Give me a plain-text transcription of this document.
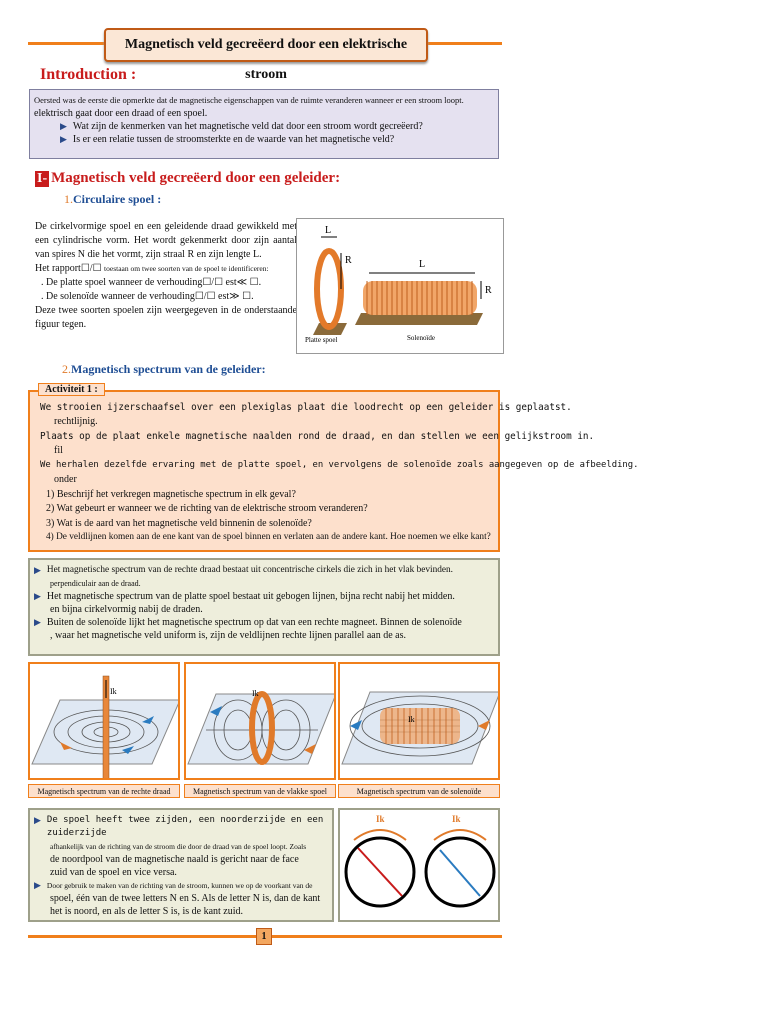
Magnetisch veld gecreëerd door een elektrische stroom
Introduction :
Oersted was de eerste die opmerkte dat de magnetische eigenschappen van de ruimte veranderen wanneer er een stroom loopt.
elektrisch gaat door een draad of een spoel.
▶ Wat zijn de kenmerken van het magnetische veld dat door een stroom wordt gecreëerd?
▶ Is er een relatie tussen de stroomsterkte en de waarde van het magnetische veld?
I- Magnetisch veld gecreëerd door een geleider:
1.Circulaire spoel :
De cirkelvormige spoel en een geleidende draad gewikkeld met een cylindrische vorm. Het wordt gekenmerkt door zijn aantal van spires N die het vormt, zijn straal R en zijn lengte L.
Het rapport☐/☐ toestaan om twee soorten van de spoel te identificeren:
. De platte spoel wanneer de verhouding☐/☐ est≪ ☐.
. De solenoïde wanneer de verhouding☐/☐ est≫ ☐.
Deze twee soorten spoelen zijn weergegeven in de onderstaande figuur tegen.
L
R
Platte spoel
L
R
Solenoïde
2.Magnetisch spectrum van de geleider:
Activiteit 1 :
We strooien ijzerschaafsel over een plexiglas plaat die loodrecht op een geleider is geplaatst.
rechtlijnig.
Plaats op de plaat enkele magnetische naalden rond de draad, en dan stellen we een gelijkstroom in.
fil
We herhalen dezelfde ervaring met de platte spoel, en vervolgens de solenoïde zoals aangegeven op de afbeelding.
onder
1) Beschrijf het verkregen magnetische spectrum in elk geval?
2) Wat gebeurt er wanneer we de richting van de elektrische stroom veranderen?
3) Wat is de aard van het magnetische veld binnenin de solenoïde?
4) De veldlijnen komen aan de ene kant van de spoel binnen en verlaten aan de andere kant. Hoe noemen we elke kant?
▶ Het magnetische spectrum van de rechte draad bestaat uit concentrische cirkels die zich in het vlak bevinden.
perpendiculair aan de draad.
▶ Het magnetische spectrum van de platte spoel bestaat uit gebogen lijnen, bijna recht nabij het midden.
en bijna cirkelvormig nabij de draden.
▶ Buiten de solenoïde lijkt het magnetische spectrum op dat van een rechte magneet. Binnen de solenoïde
, waar het magnetische veld uniform is, zijn de veldlijnen rechte lijnen parallel aan de as.
Ik	Ik
Ik
Magnetisch spectrum van de rechte draad	Magnetisch spectrum van de vlakke spoel	Magnetisch spectrum van de solenoïde
▶ De spoel heeft twee zijden, een noorderzijde en een zuiderzijde
afhankelijk van de richting van de stroom die door de draad van de spoel loopt. Zoals
de noordpool van de magnetische naald is gericht naar de face
zuid van de spoel en vice versa.
▶ Door gebruik te maken van de richting van de stroom, kunnen we op de voorkant van de
spoel, één van de twee letters N en S. Als de letter N is, dan de kant
het is noord, en als de letter S is, is de kant zuid.
Ik	Ik
1
